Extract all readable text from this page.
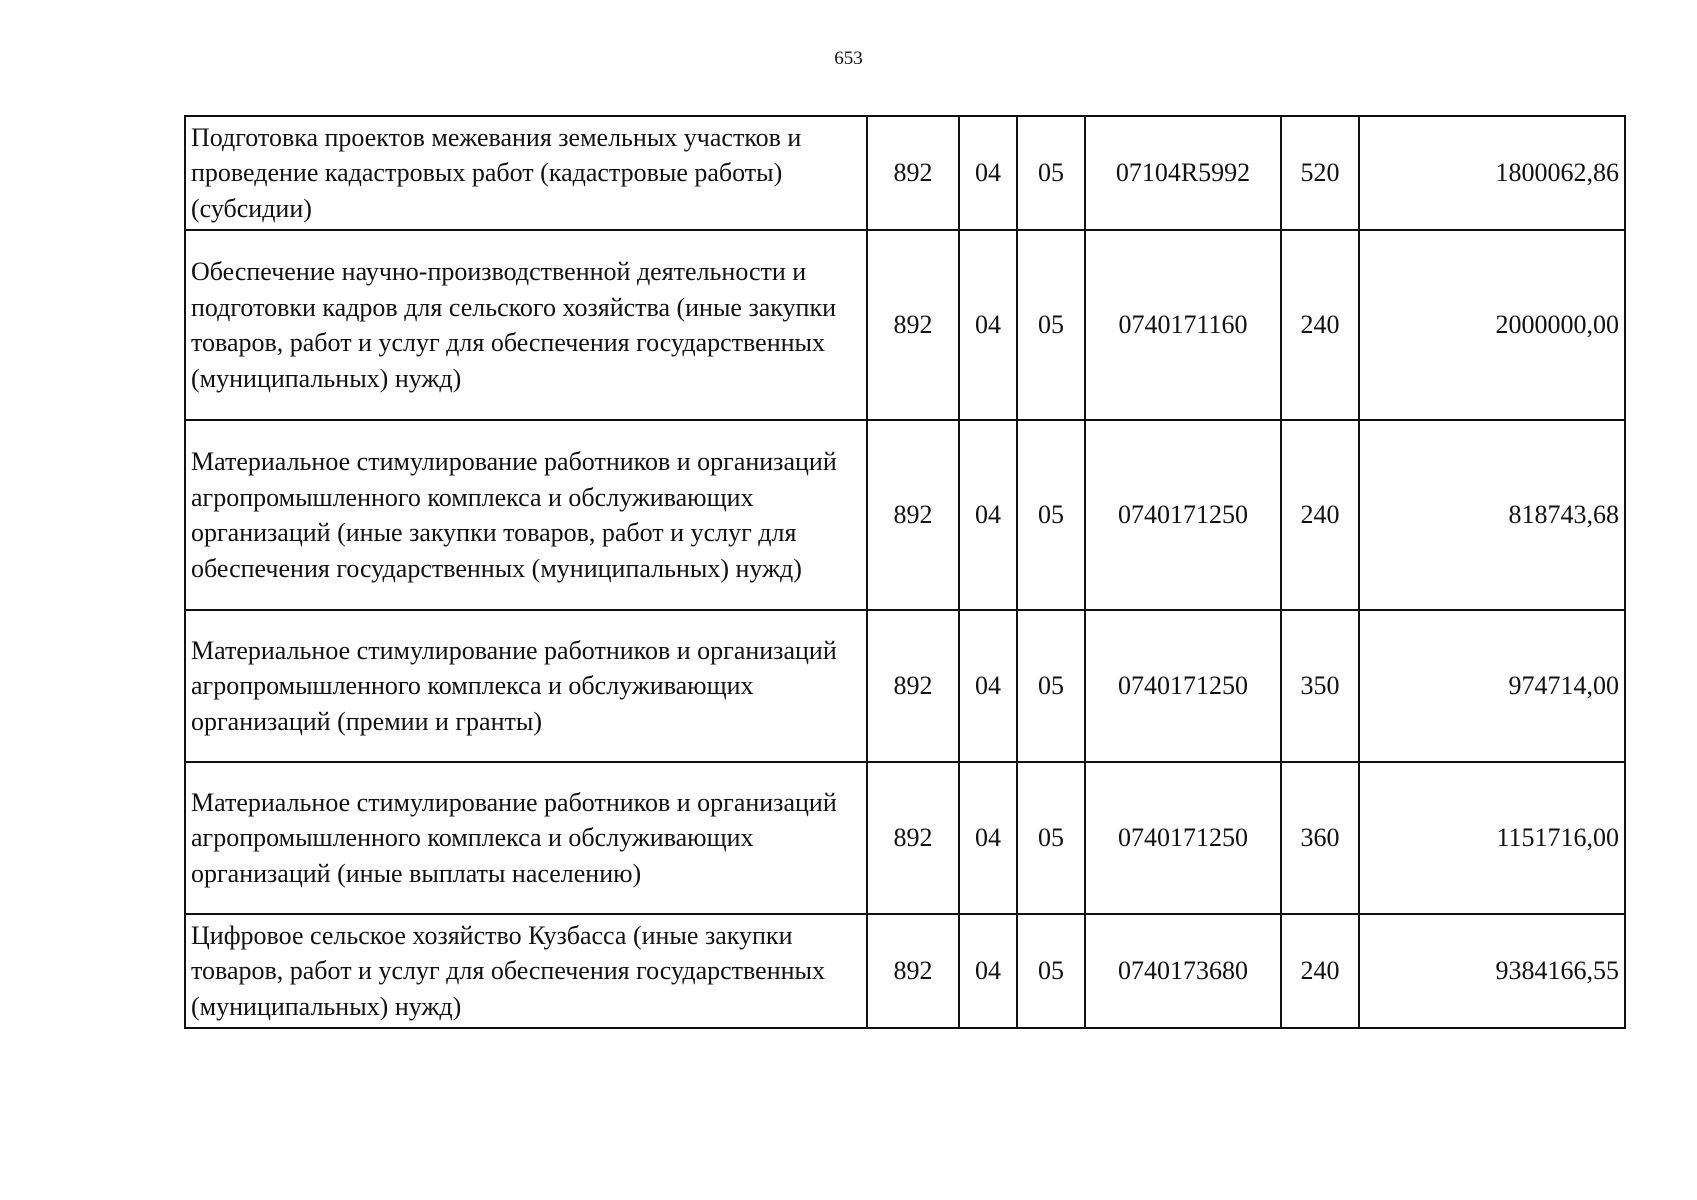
653
Подготовка проектов межевания земельных участков и проведение кадастровых работ (кадастровые работы) (субсидии)	892	04	05	07104R5992	520	1800062,86
Обеспечение научно-производственной деятельности и подготовки кадров для сельского хозяйства (иные закупки товаров, работ и услуг для обеспечения государственных (муниципальных) нужд)	892	04	05	0740171160	240	2000000,00
Материальное стимулирование работников и организаций агропромышленного комплекса и обслуживающих организаций (иные закупки товаров, работ и услуг для обеспечения государственных (муниципальных) нужд)	892	04	05	0740171250	240	818743,68
Материальное стимулирование работников и организаций агропромышленного комплекса и обслуживающих организаций (премии и гранты)	892	04	05	0740171250	350	974714,00
Материальное стимулирование работников и организаций агропромышленного комплекса и обслуживающих организаций (иные выплаты населению)	892	04	05	0740171250	360	1151716,00
Цифровое сельское хозяйство Кузбасса (иные закупки товаров, работ и услуг для обеспечения государственных (муниципальных) нужд)	892	04	05	0740173680	240	9384166,55
